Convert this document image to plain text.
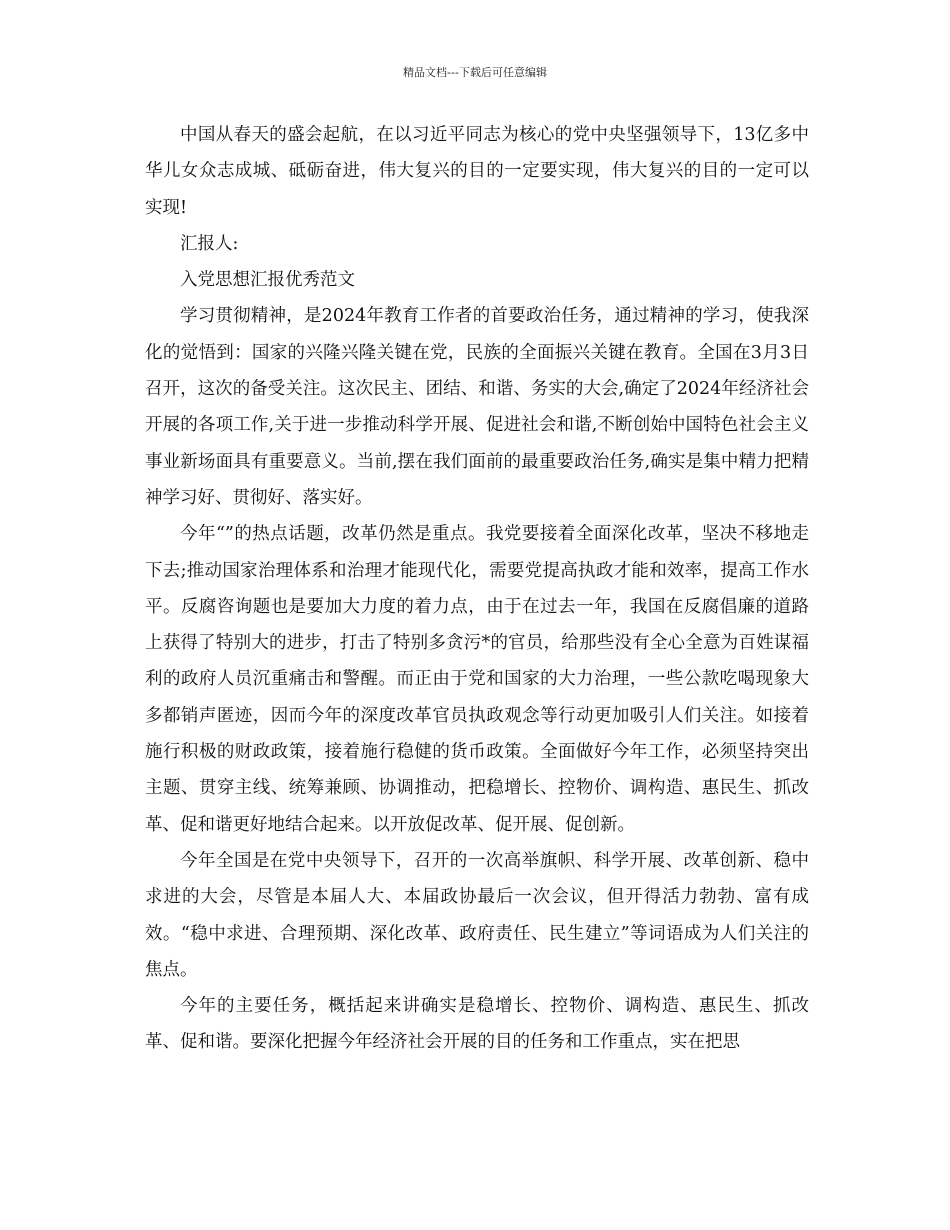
精品文档---下载后可任意编辑

中国从春天的盛会起航，在以习近平同志为核心的党中央坚强领导下，13亿多中华儿女众志成城、砥砺奋进，伟大复兴的目的一定要实现，伟大复兴的目的一定可以实现!

汇报人:

入党思想汇报优秀范文

学习贯彻精神，是2024年教育工作者的首要政治任务，通过精神的学习，使我深化的觉悟到：国家的兴隆兴隆关键在党，民族的全面振兴关键在教育。全国在3月3日召开，这次的备受关注。这次民主、团结、和谐、务实的大会,确定了2024年经济社会开展的各项工作,关于进一步推动科学开展、促进社会和谐,不断创始中国特色社会主义事业新场面具有重要意义。当前,摆在我们面前的最重要政治任务,确实是集中精力把精神学习好、贯彻好、落实好。

今年“”的热点话题，改革仍然是重点。我党要接着全面深化改革，坚决不移地走下去;推动国家治理体系和治理才能现代化，需要党提高执政才能和效率，提高工作水平。反腐咨询题也是要加大力度的着力点，由于在过去一年，我国在反腐倡廉的道路上获得了特别大的进步，打击了特别多贪污*的官员，给那些没有全心全意为百姓谋福利的政府人员沉重痛击和警醒。而正由于党和国家的大力治理，一些公款吃喝现象大多都销声匿迹，因而今年的深度改革官员执政观念等行动更加吸引人们关注。如接着施行积极的财政政策，接着施行稳健的货币政策。全面做好今年工作，必须坚持突出主题、贯穿主线、统筹兼顾、协调推动，把稳增长、控物价、调构造、惠民生、抓改革、促和谐更好地结合起来。以开放促改革、促开展、促创新。

今年全国是在党中央领导下，召开的一次高举旗帜、科学开展、改革创新、稳中求进的大会，尽管是本届人大、本届政协最后一次会议，但开得活力勃勃、富有成效。“稳中求进、合理预期、深化改革、政府责任、民生建立”等词语成为人们关注的焦点。

今年的主要任务，概括起来讲确实是稳增长、控物价、调构造、惠民生、抓改革、促和谐。要深化把握今年经济社会开展的目的任务和工作重点，实在把思
